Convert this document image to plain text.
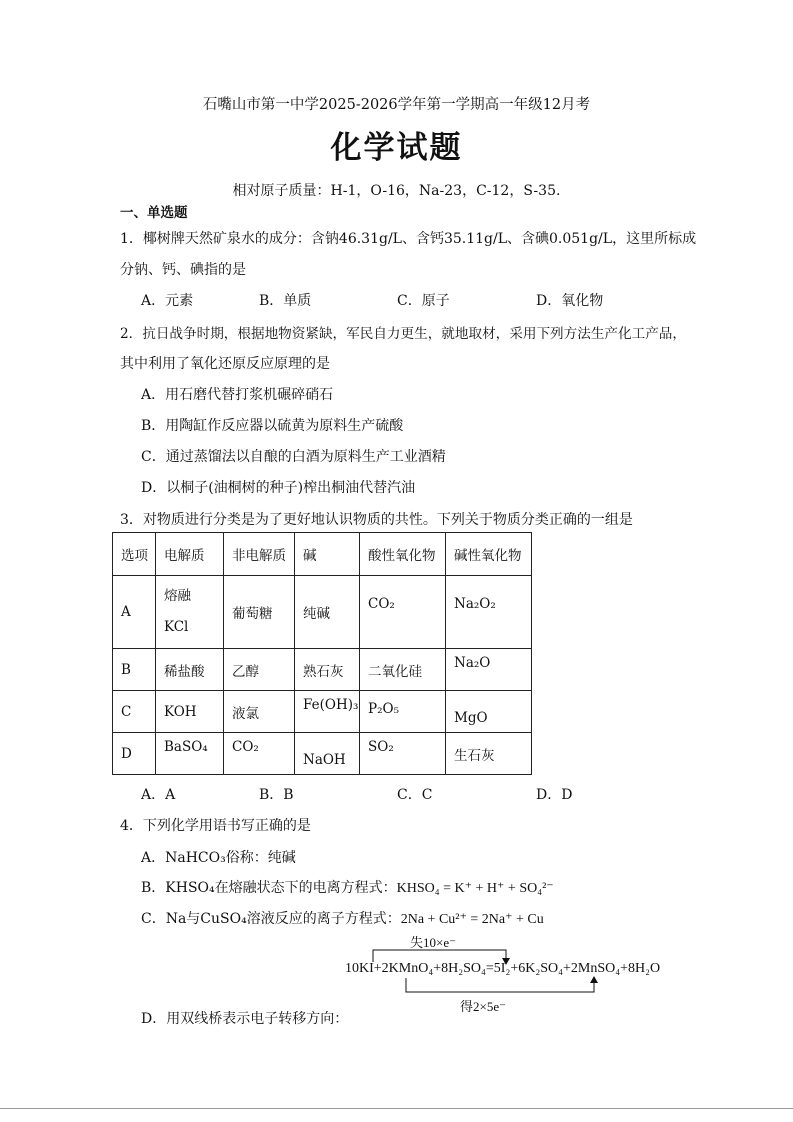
石嘴山市第一中学2025-2026学年第一学期高一年级12月考
化学试题
相对原子质量：H-1，O-16，Na-23，C-12，S-35.
一、单选题
1．椰树牌天然矿泉水的成分：含钠46.31g/L、含钙35.11g/L、含碘0.051g/L，这里所标成
分钠、钙、碘指的是
A．元素	B．单质	C．原子	D．氧化物
2．抗日战争时期，根据地物资紧缺，军民自力更生，就地取材，采用下列方法生产化工产品，
其中利用了氧化还原反应原理的是
A．用石磨代替打浆机碾碎硝石
B．用陶缸作反应器以硫黄为原料生产硫酸
C．通过蒸馏法以自酿的白酒为原料生产工业酒精
D．以桐子(油桐树的种子)榨出桐油代替汽油
3．对物质进行分类是为了更好地认识物质的共性。下列关于物质分类正确的一组是
选项	电解质	非电解质	碱	酸性氧化物	碱性氧化物
A	熔融
KCl	葡萄糖	纯碱	CO₂	Na₂O₂
B	稀盐酸	乙醇	熟石灰	二氧化硅	Na₂O
C	KOH	液氯	Fe(OH)₃	P₂O₅	MgO
D	BaSO₄	CO₂	NaOH	SO₂	生石灰
A．A	B．B	C．C	D．D
4．下列化学用语书写正确的是
A．NaHCO₃俗称：纯碱
B．KHSO₄在熔融状态下的电离方程式：KHSO₄ = K⁺ + H⁺ + SO₄²⁻
C．Na与CuSO₄溶液反应的离子方程式：2Na + Cu²⁺ = 2Na⁺ + Cu
失10×e⁻
10KI+2KMnO₄+8H₂SO₄=5I₂+6K₂SO₄+2MnSO₄+8H₂O
得2×5e⁻
D．用双线桥表示电子转移方向：
